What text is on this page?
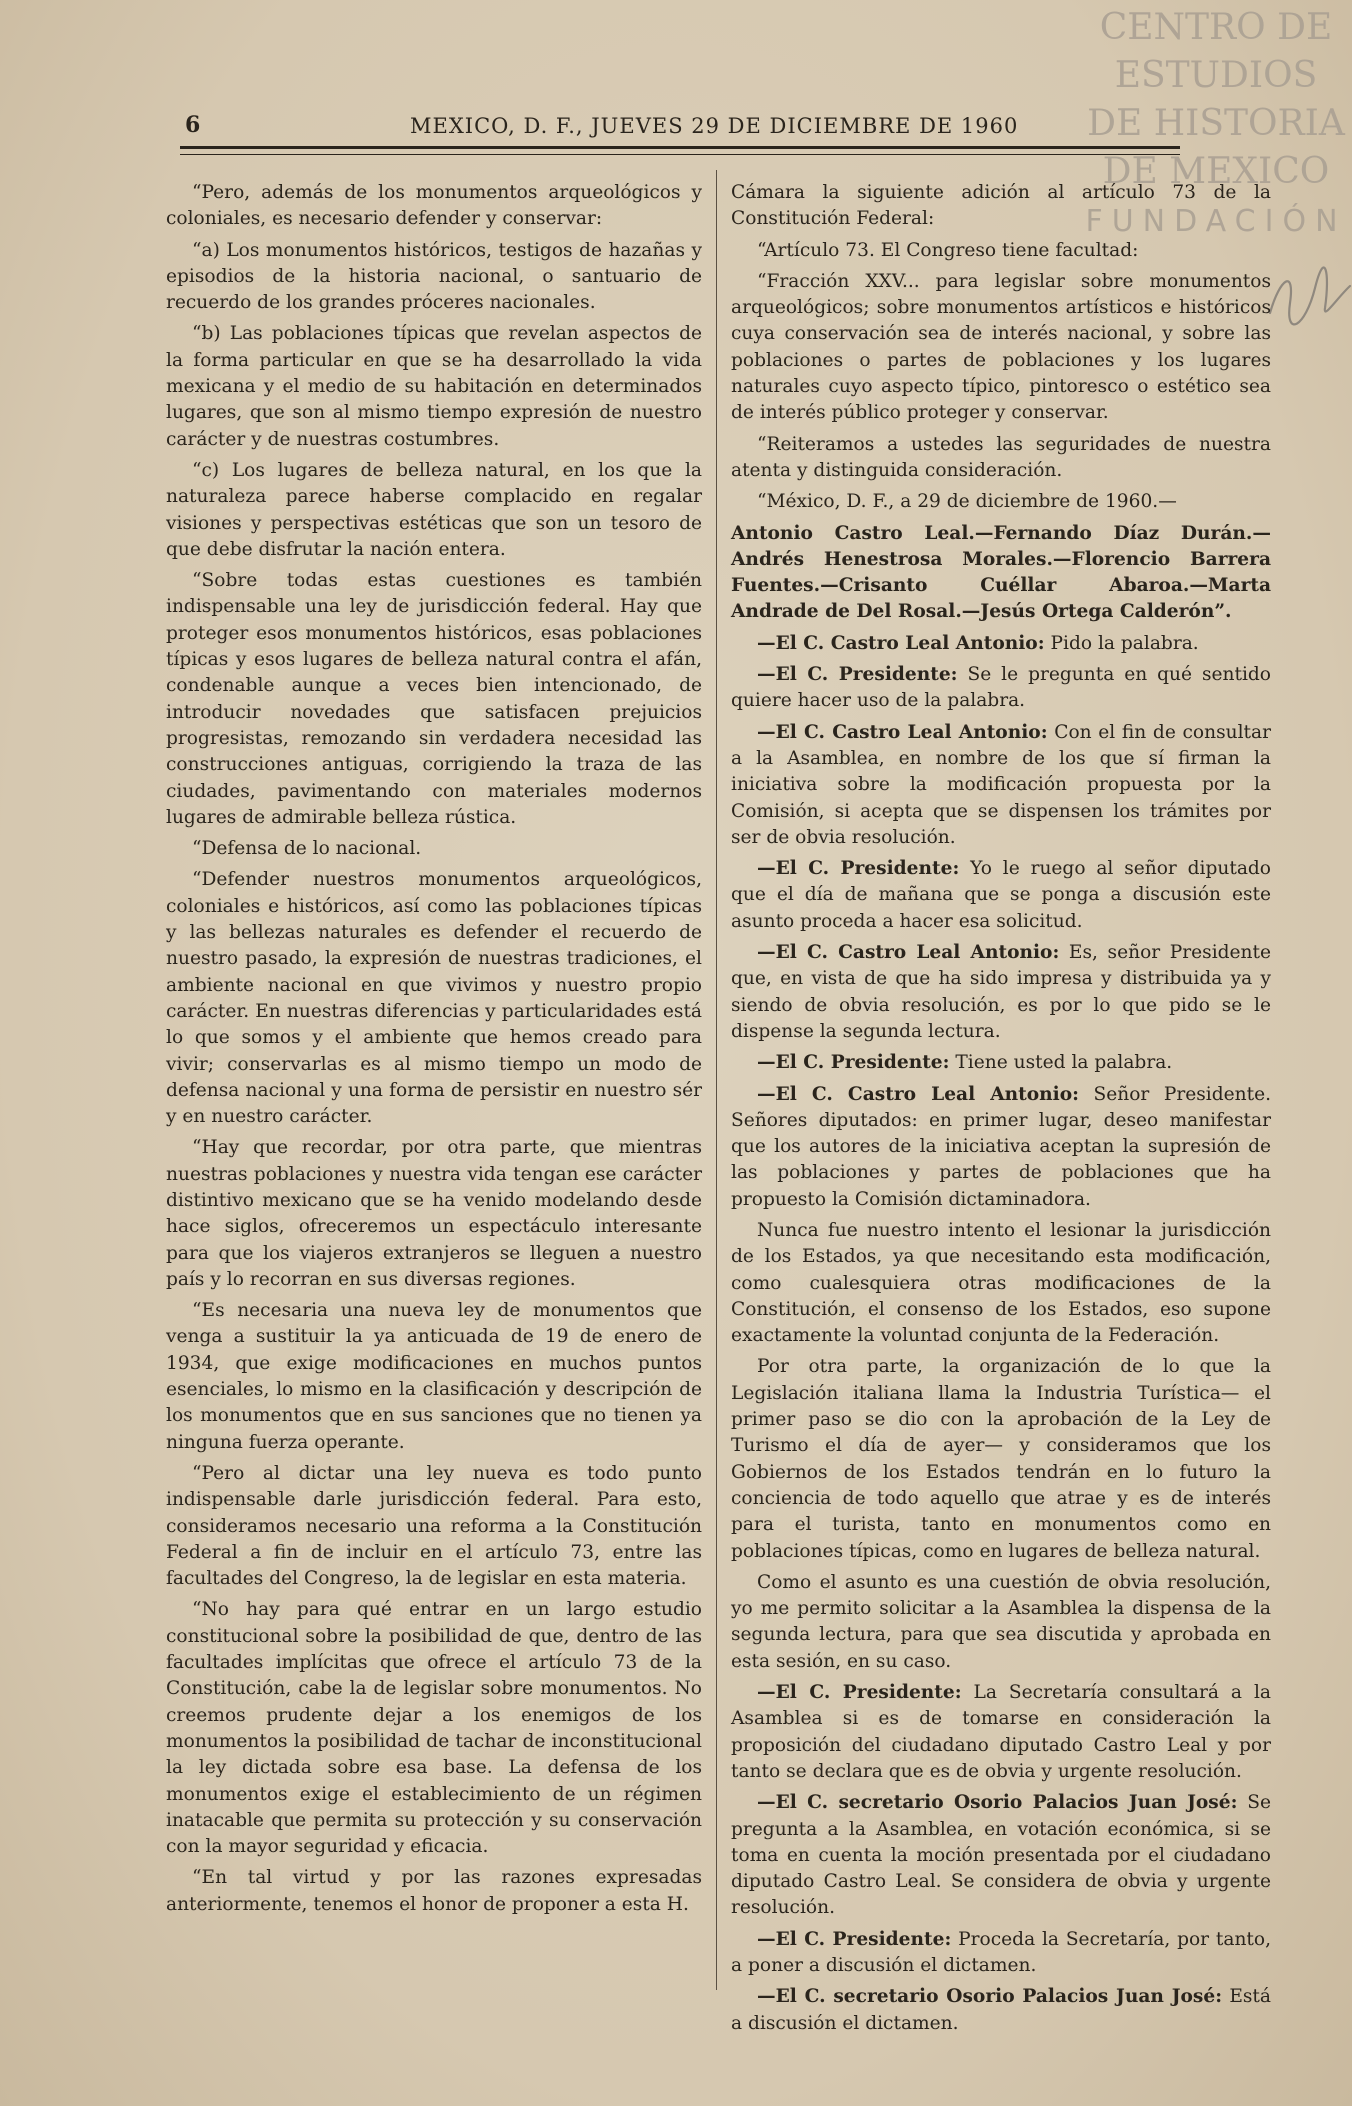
CENTRO DE
ESTUDIOS
DE HISTORIA
DE MEXICO
FUNDACIÓN
6	MEXICO, D. F., JUEVES 29 DE DICIEMBRE DE 1960

“Pero, además de los monumentos arqueológicos y coloniales, es necesario defender y conservar:

“a) Los monumentos históricos, testigos de hazañas y episodios de la historia nacional, o santuario de recuerdo de los grandes próceres nacionales.

“b) Las poblaciones típicas que revelan aspectos de la forma particular en que se ha desarrollado la vida mexicana y el medio de su habitación en determinados lugares, que son al mismo tiempo expresión de nuestro carácter y de nuestras costumbres.

“c) Los lugares de belleza natural, en los que la naturaleza parece haberse complacido en regalar visiones y perspectivas estéticas que son un tesoro de que debe disfrutar la nación entera.

“Sobre todas estas cuestiones es también indispensable una ley de jurisdicción federal. Hay que proteger esos monumentos históricos, esas poblaciones típicas y esos lugares de belleza natural contra el afán, condenable aunque a veces bien intencionado, de introducir novedades que satisfacen prejuicios progresistas, remozando sin verdadera necesidad las construcciones antiguas, corrigiendo la traza de las ciudades, pavimentando con materiales modernos lugares de admirable belleza rústica.

“Defensa de lo nacional.

“Defender nuestros monumentos arqueológicos, coloniales e históricos, así como las poblaciones típicas y las bellezas naturales es defender el recuerdo de nuestro pasado, la expresión de nuestras tradiciones, el ambiente nacional en que vivimos y nuestro propio carácter. En nuestras diferencias y particularidades está lo que somos y el ambiente que hemos creado para vivir; conservarlas es al mismo tiempo un modo de defensa nacional y una forma de persistir en nuestro sér y en nuestro carácter.

“Hay que recordar, por otra parte, que mientras nuestras poblaciones y nuestra vida tengan ese carácter distintivo mexicano que se ha venido modelando desde hace siglos, ofreceremos un espectáculo interesante para que los viajeros extranjeros se lleguen a nuestro país y lo recorran en sus diversas regiones.

“Es necesaria una nueva ley de monumentos que venga a sustituir la ya anticuada de 19 de enero de 1934, que exige modificaciones en muchos puntos esenciales, lo mismo en la clasificación y descripción de los monumentos que en sus sanciones que no tienen ya ninguna fuerza operante.

“Pero al dictar una ley nueva es todo punto indispensable darle jurisdicción federal. Para esto, consideramos necesario una reforma a la Constitución Federal a fin de incluir en el artículo 73, entre las facultades del Congreso, la de legislar en esta materia.

“No hay para qué entrar en un largo estudio constitucional sobre la posibilidad de que, dentro de las facultades implícitas que ofrece el artículo 73 de la Constitución, cabe la de legislar sobre monumentos. No creemos prudente dejar a los enemigos de los monumentos la posibilidad de tachar de inconstitucional la ley dictada sobre esa base. La defensa de los monumentos exige el establecimiento de un régimen inatacable que permita su protección y su conservación con la mayor seguridad y eficacia.

“En tal virtud y por las razones expresadas anteriormente, tenemos el honor de proponer a esta H.

Cámara la siguiente adición al artículo 73 de la Constitución Federal:

“Artículo 73. El Congreso tiene facultad:

“Fracción XXV... para legislar sobre monumentos arqueológicos; sobre monumentos artísticos e históricos cuya conservación sea de interés nacional, y sobre las poblaciones o partes de poblaciones y los lugares naturales cuyo aspecto típico, pintoresco o estético sea de interés público proteger y conservar.

“Reiteramos a ustedes las seguridades de nuestra atenta y distinguida consideración.

“México, D. F., a 29 de diciembre de 1960.—

Antonio Castro Leal.—Fernando Díaz Durán.—Andrés Henestrosa Morales.—Florencio Barrera Fuentes.—Crisanto Cuéllar Abaroa.—Marta Andrade de Del Rosal.—Jesús Ortega Calderón”.

—El C. Castro Leal Antonio: Pido la palabra.

—El C. Presidente: Se le pregunta en qué sentido quiere hacer uso de la palabra.

—El C. Castro Leal Antonio: Con el fin de consultar a la Asamblea, en nombre de los que sí firman la iniciativa sobre la modificación propuesta por la Comisión, si acepta que se dispensen los trámites por ser de obvia resolución.

—El C. Presidente: Yo le ruego al señor diputado que el día de mañana que se ponga a discusión este asunto proceda a hacer esa solicitud.

—El C. Castro Leal Antonio: Es, señor Presidente que, en vista de que ha sido impresa y distribuida ya y siendo de obvia resolución, es por lo que pido se le dispense la segunda lectura.

—El C. Presidente: Tiene usted la palabra.

—El C. Castro Leal Antonio: Señor Presidente. Señores diputados: en primer lugar, deseo manifestar que los autores de la iniciativa aceptan la supresión de las poblaciones y partes de poblaciones que ha propuesto la Comisión dictaminadora.

Nunca fue nuestro intento el lesionar la jurisdicción de los Estados, ya que necesitando esta modificación, como cualesquiera otras modificaciones de la Constitución, el consenso de los Estados, eso supone exactamente la voluntad conjunta de la Federación.

Por otra parte, la organización de lo que la Legislación italiana llama la Industria Turística— el primer paso se dio con la aprobación de la Ley de Turismo el día de ayer— y consideramos que los Gobiernos de los Estados tendrán en lo futuro la conciencia de todo aquello que atrae y es de interés para el turista, tanto en monumentos como en poblaciones típicas, como en lugares de belleza natural.

Como el asunto es una cuestión de obvia resolución, yo me permito solicitar a la Asamblea la dispensa de la segunda lectura, para que sea discutida y aprobada en esta sesión, en su caso.

—El C. Presidente: La Secretaría consultará a la Asamblea si es de tomarse en consideración la proposición del ciudadano diputado Castro Leal y por tanto se declara que es de obvia y urgente resolución.

—El C. secretario Osorio Palacios Juan José: Se pregunta a la Asamblea, en votación económica, si se toma en cuenta la moción presentada por el ciudadano diputado Castro Leal. Se considera de obvia y urgente resolución.

—El C. Presidente: Proceda la Secretaría, por tanto, a poner a discusión el dictamen.

—El C. secretario Osorio Palacios Juan José: Está a discusión el dictamen.
